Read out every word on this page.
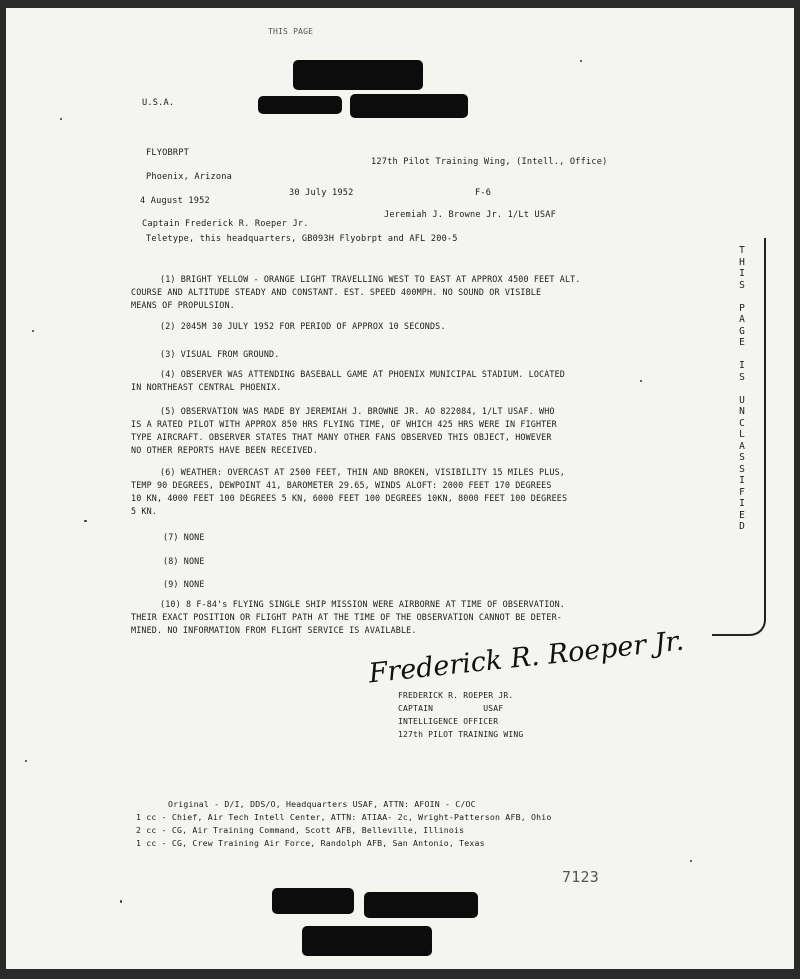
THIS PAGE
U.S.A.
FLYOBRPT
Phoenix, Arizona
127th Pilot Training Wing, (Intell., Office)
4 August 1952
30 July 1952	F-6
Captain Frederick R. Roeper Jr.
Jeremiah J. Browne Jr. 1/Lt USAF
Teletype, this headquarters, GB093H Flyobrpt and AFL 200-5
(1) BRIGHT YELLOW - ORANGE LIGHT TRAVELLING WEST TO EAST AT APPROX 4500 FEET ALT.
COURSE AND ALTITUDE STEADY AND CONSTANT. EST. SPEED 400MPH. NO SOUND OR VISIBLE
MEANS OF PROPULSION.
(2) 2045M 30 JULY 1952 FOR PERIOD OF APPROX 10 SECONDS.
(3) VISUAL FROM GROUND.
(4) OBSERVER WAS ATTENDING BASEBALL GAME AT PHOENIX MUNICIPAL STADIUM. LOCATED
IN NORTHEAST CENTRAL PHOENIX.
(5) OBSERVATION WAS MADE BY JEREMIAH J. BROWNE JR. AO 822084, 1/LT USAF. WHO
IS A RATED PILOT WITH APPROX 850 HRS FLYING TIME, OF WHICH 425 HRS WERE IN FIGHTER
TYPE AIRCRAFT. OBSERVER STATES THAT MANY OTHER FANS OBSERVED THIS OBJECT, HOWEVER
NO OTHER REPORTS HAVE BEEN RECEIVED.
(6) WEATHER: OVERCAST AT 2500 FEET, THIN AND BROKEN, VISIBILITY 15 MILES PLUS,
TEMP 90 DEGREES, DEWPOINT 41, BAROMETER 29.65, WINDS ALOFT: 2000 FEET 170 DEGREES
10 KN, 4000 FEET 100 DEGREES 5 KN, 6000 FEET 100 DEGREES 10KN, 8000 FEET 100 DEGREES
5 KN.
(7) NONE
(8) NONE
(9) NONE
(10) 8 F-84's FLYING SINGLE SHIP MISSION WERE AIRBORNE AT TIME OF OBSERVATION.
THEIR EXACT POSITION OR FLIGHT PATH AT THE TIME OF THE OBSERVATION CANNOT BE DETER-
MINED. NO INFORMATION FROM FLIGHT SERVICE IS AVAILABLE.
T
H
I
S

P
A
G
E

I
S

U
N
C
L
A
S
S
I
F
I
E
D
Frederick R. Roeper Jr.
FREDERICK R. ROEPER JR.
CAPTAIN          USAF
INTELLIGENCE OFFICER
127th PILOT TRAINING WING
Original - D/I, DDS/O, Headquarters USAF, ATTN: AFOIN - C/OC
1 cc - Chief, Air Tech Intell Center, ATTN: ATIAA- 2c, Wright-Patterson AFB, Ohio
2 cc - CG, Air Training Command, Scott AFB, Belleville, Illinois
1 cc - CG, Crew Training Air Force, Randolph AFB, San Antonio, Texas
7123
